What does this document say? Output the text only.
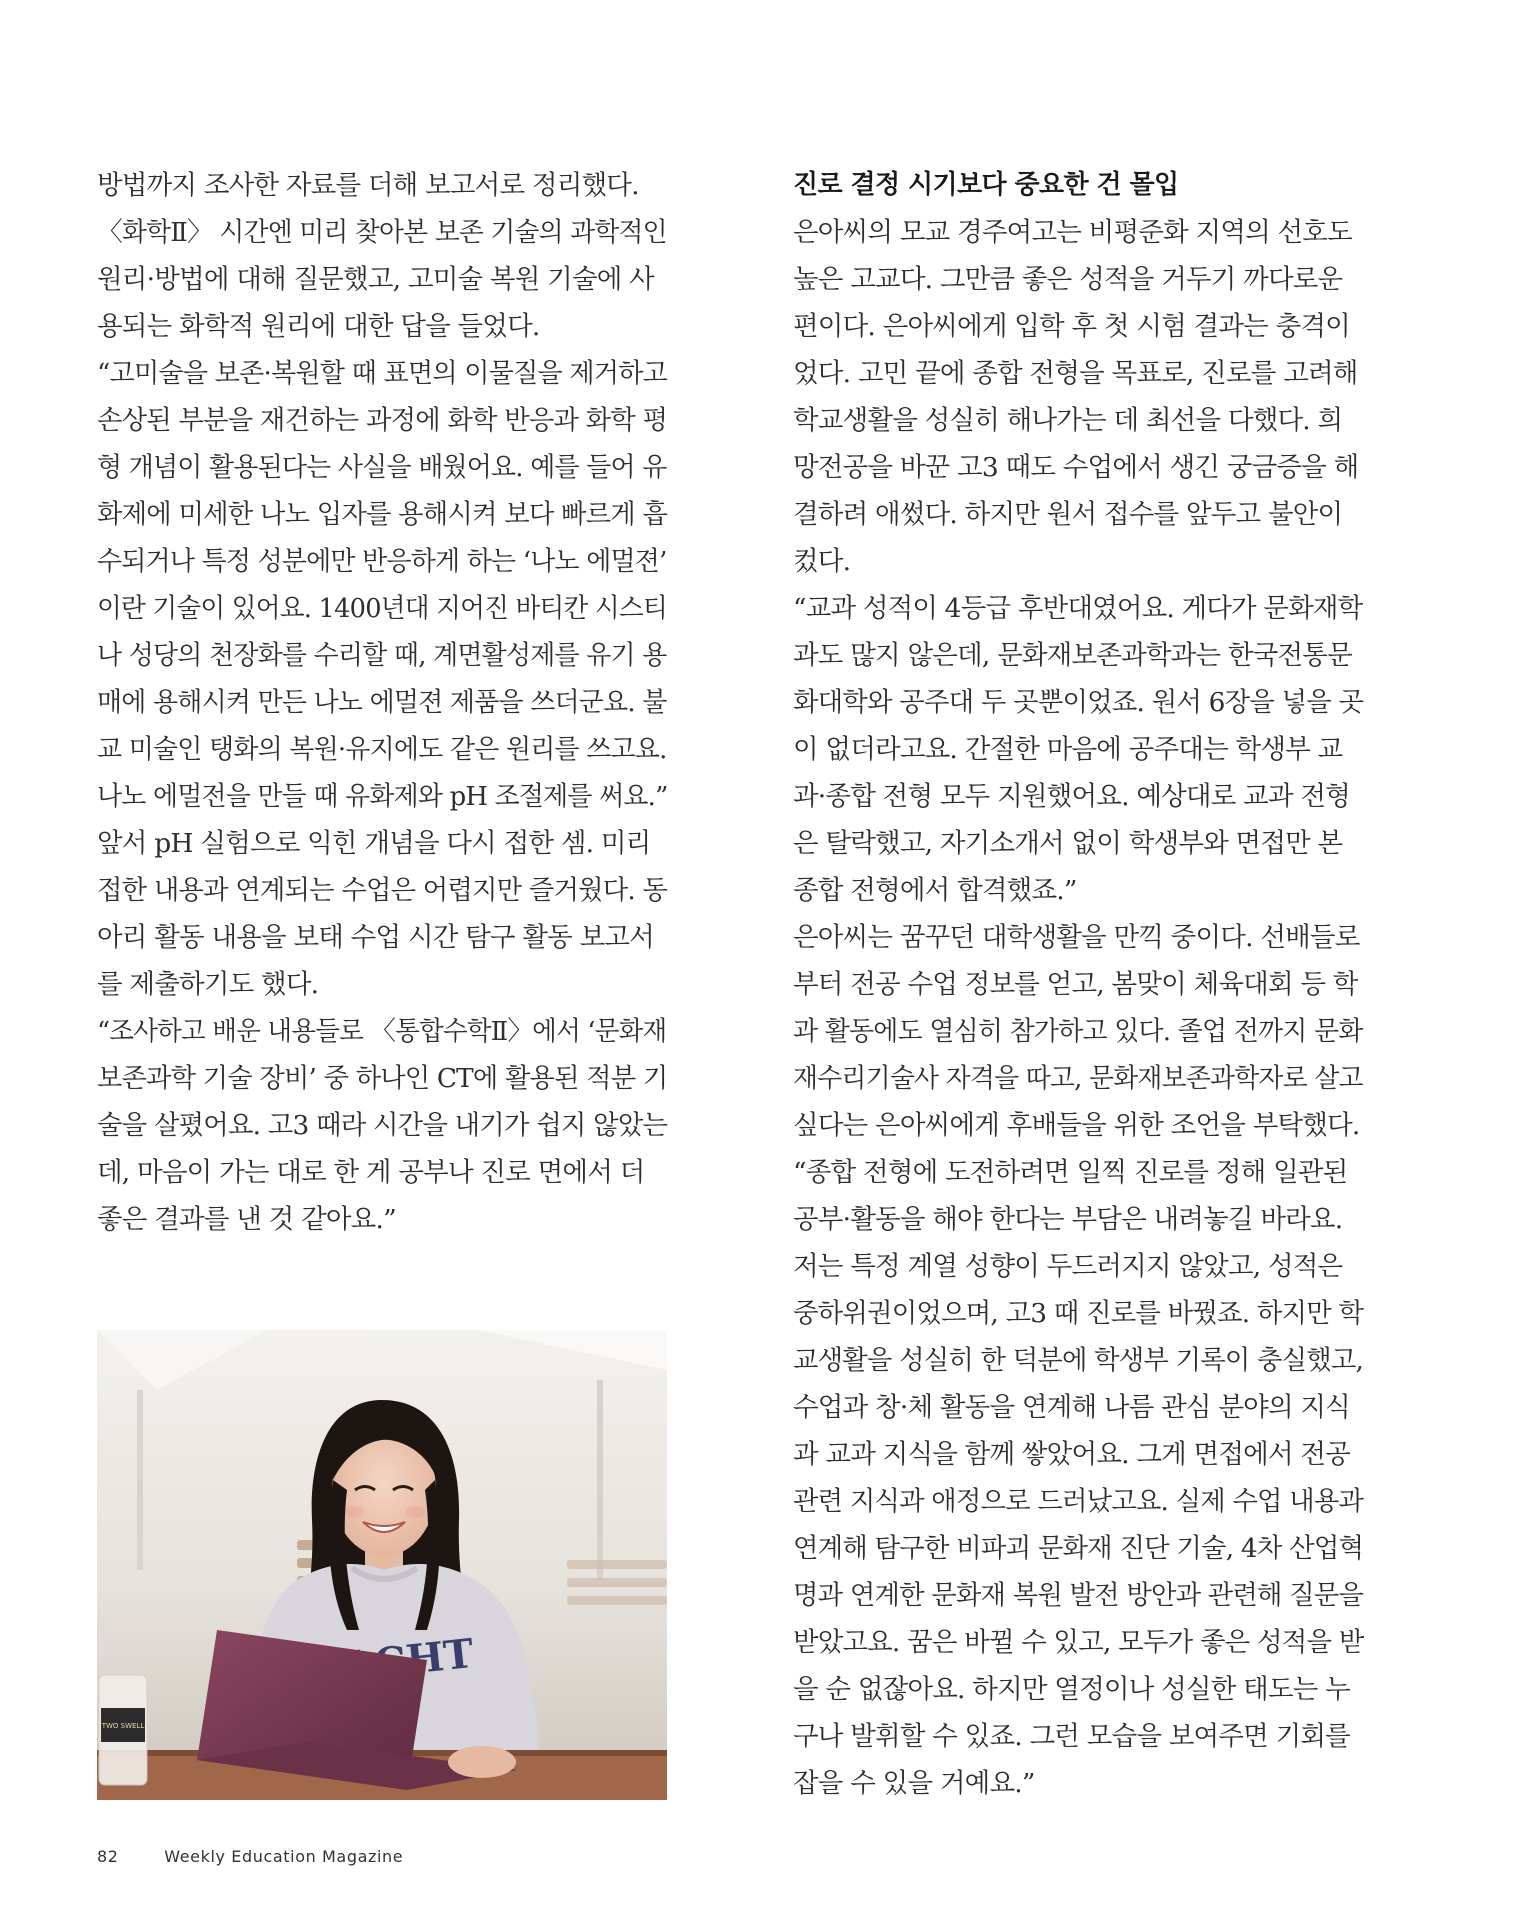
방법까지 조사한 자료를 더해 보고서로 정리했다.
〈화학Ⅱ〉 시간엔 미리 찾아본 보존 기술의 과학적인
원리·방법에 대해 질문했고, 고미술 복원 기술에 사
용되는 화학적 원리에 대한 답을 들었다.
“고미술을 보존·복원할 때 표면의 이물질을 제거하고
손상된 부분을 재건하는 과정에 화학 반응과 화학 평
형 개념이 활용된다는 사실을 배웠어요. 예를 들어 유
화제에 미세한 나노 입자를 용해시켜 보다 빠르게 흡
수되거나 특정 성분에만 반응하게 하는 ‘나노 에멀젼’
이란 기술이 있어요. 1400년대 지어진 바티칸 시스티
나 성당의 천장화를 수리할 때, 계면활성제를 유기 용
매에 용해시켜 만든 나노 에멀젼 제품을 쓰더군요. 불
교 미술인 탱화의 복원·유지에도 같은 원리를 쓰고요.
나노 에멀전을 만들 때 유화제와 pH 조절제를 써요.”
앞서 pH 실험으로 익힌 개념을 다시 접한 셈. 미리
접한 내용과 연계되는 수업은 어렵지만 즐거웠다. 동
아리 활동 내용을 보태 수업 시간 탐구 활동 보고서
를 제출하기도 했다.
“조사하고 배운 내용들로 〈통합수학Ⅱ〉에서 ‘문화재
보존과학 기술 장비’ 중 하나인 CT에 활용된 적분 기
술을 살폈어요. 고3 때라 시간을 내기가 쉽지 않았는
데, 마음이 가는 대로 한 게 공부나 진로 면에서 더
좋은 결과를 낸 것 같아요.”
진로 결정 시기보다 중요한 건 몰입
은아씨의 모교 경주여고는 비평준화 지역의 선호도
높은 고교다. 그만큼 좋은 성적을 거두기 까다로운
편이다. 은아씨에게 입학 후 첫 시험 결과는 충격이
었다. 고민 끝에 종합 전형을 목표로, 진로를 고려해
학교생활을 성실히 해나가는 데 최선을 다했다. 희
망전공을 바꾼 고3 때도 수업에서 생긴 궁금증을 해
결하려 애썼다. 하지만 원서 접수를 앞두고 불안이
컸다.
“교과 성적이 4등급 후반대였어요. 게다가 문화재학
과도 많지 않은데, 문화재보존과학과는 한국전통문
화대학와 공주대 두 곳뿐이었죠. 원서 6장을 넣을 곳
이 없더라고요. 간절한 마음에 공주대는 학생부 교
과·종합 전형 모두 지원했어요. 예상대로 교과 전형
은 탈락했고, 자기소개서 없이 학생부와 면접만 본
종합 전형에서 합격했죠.”
은아씨는 꿈꾸던 대학생활을 만끽 중이다. 선배들로
부터 전공 수업 정보를 얻고, 봄맞이 체육대회 등 학
과 활동에도 열심히 참가하고 있다. 졸업 전까지 문화
재수리기술사 자격을 따고, 문화재보존과학자로 살고
싶다는 은아씨에게 후배들을 위한 조언을 부탁했다.
“종합 전형에 도전하려면 일찍 진로를 정해 일관된
공부·활동을 해야 한다는 부담은 내려놓길 바라요.
저는 특정 계열 성향이 두드러지지 않았고, 성적은
중하위권이었으며, 고3 때 진로를 바꿨죠. 하지만 학
교생활을 성실히 한 덕분에 학생부 기록이 충실했고,
수업과 창·체 활동을 연계해 나름 관심 분야의 지식
과 교과 지식을 함께 쌓았어요. 그게 면접에서 전공
관련 지식과 애정으로 드러났고요. 실제 수업 내용과
연계해 탐구한 비파괴 문화재 진단 기술, 4차 산업혁
명과 연계한 문화재 복원 발전 방안과 관련해 질문을
받았고요. 꿈은 바뀔 수 있고, 모두가 좋은 성적을 받
을 순 없잖아요. 하지만 열정이나 성실한 태도는 누
구나 발휘할 수 있죠. 그런 모습을 보여주면 기회를
잡을 수 있을 거예요.”
TWO SWELL
82	Weekly Education Magazine
